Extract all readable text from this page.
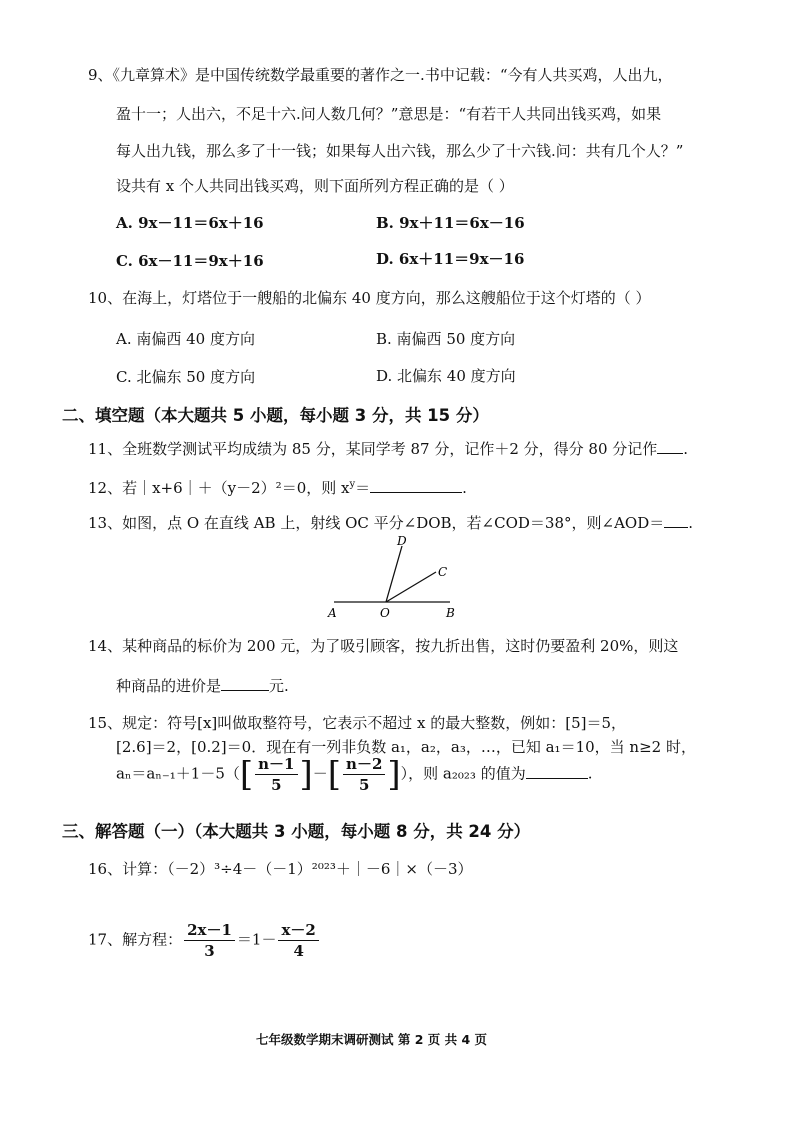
9、《九章算术》是中国传统数学最重要的著作之一.书中记载：“今有人共买鸡，人出九，
盈十一；人出六，不足十六.问人数几何？”意思是：“有若干人共同出钱买鸡，如果
每人出九钱，那么多了十一钱；如果每人出六钱，那么少了十六钱.问：共有几个人？”
设共有 x 个人共同出钱买鸡，则下面所列方程正确的是（ ）
A. 9x－11＝6x＋16	B. 9x＋11＝6x－16
C. 6x－11＝9x＋16	D. 6x＋11＝9x－16
10、在海上，灯塔位于一艘船的北偏东 40 度方向，那么这艘船位于这个灯塔的（ ）
A. 南偏西 40 度方向	B. 南偏西 50 度方向
C. 北偏东 50 度方向	D. 北偏东 40 度方向
二、填空题（本大题共 5 小题，每小题 3 分，共 15 分）
11、全班数学测试平均成绩为 85 分，某同学考 87 分，记作＋2 分，得分 80 分记作 .
12、若｜x+6｜＋（y－2）²＝0，则 $x^y=$	.
13、如图，点 O 在直线 AB 上，射线 OC 平分∠DOB，若∠COD＝38°，则∠AOD＝ .
A	O	B
C
D
14、某种商品的标价为 200 元，为了吸引顾客，按九折出售，这时仍要盈利 20%，则这
种商品的进价是	元.
15、规定：符号[x]叫做取整符号，它表示不超过 x 的最大整数，例如：[5]＝5，
[2.6]＝2，[0.2]＝0．现在有一列非负数 a₁，a₂，a₃，…，已知 a₁＝10，当 n≥2 时，
$a_n=a_{n-1}+1-5([ \frac{n-1}{5}$ ]－[ $\frac{n-2}{5}$ ]），则 a₂₀₂₃ 的值为	.
三、解答题（一）（本大题共 3 小题，每小题 8 分，共 24 分）
16、计算：（－2）³÷4－（－1）²⁰²³＋｜－6｜×（－3）
17、解方程： $\frac{2x-1}{3} =1- \frac{x-2}{4}$
七年级数学期末调研测试 第 2 页 共 4 页
